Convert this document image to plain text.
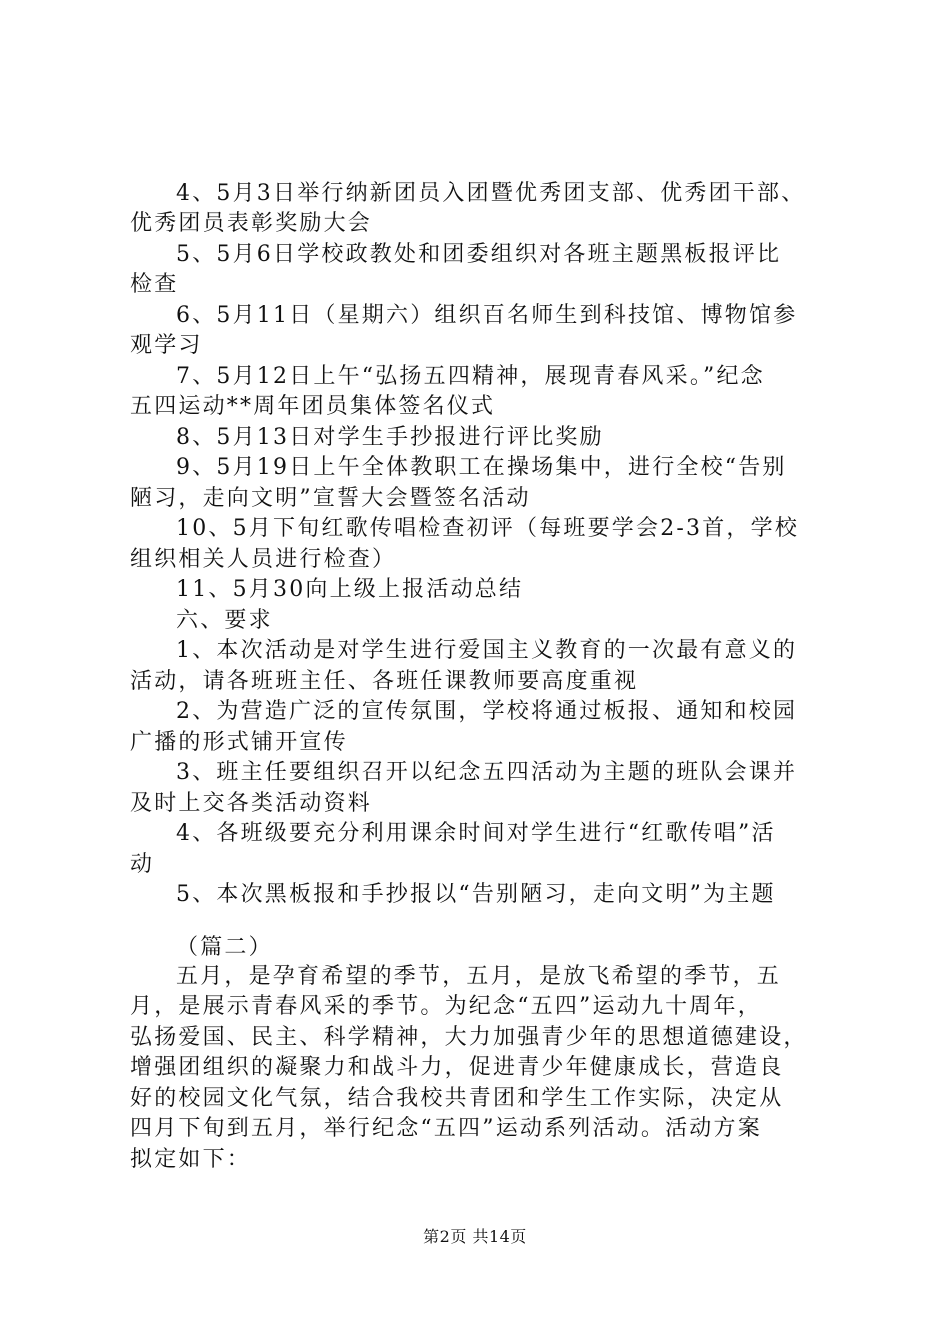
4、5月3日举行纳新团员入团暨优秀团支部、优秀团干部、
优秀团员表彰奖励大会
5、5月6日学校政教处和团委组织对各班主题黑板报评比
检查
6、5月11日（星期六）组织百名师生到科技馆、博物馆参
观学习
7、5月12日上午“弘扬五四精神，展现青春风采。”纪念
五四运动**周年团员集体签名仪式
8、5月13日对学生手抄报进行评比奖励
9、5月19日上午全体教职工在操场集中，进行全校“告别
陋习，走向文明”宣誓大会暨签名活动
10、5月下旬红歌传唱检查初评（每班要学会2-3首，学校
组织相关人员进行检查）
11、5月30向上级上报活动总结
六、要求
1、本次活动是对学生进行爱国主义教育的一次最有意义的
活动，请各班班主任、各班任课教师要高度重视
2、为营造广泛的宣传氛围，学校将通过板报、通知和校园
广播的形式铺开宣传
3、班主任要组织召开以纪念五四活动为主题的班队会课并
及时上交各类活动资料
4、各班级要充分利用课余时间对学生进行“红歌传唱”活
动
5、本次黑板报和手抄报以“告别陋习，走向文明”为主题
（篇二）
五月，是孕育希望的季节，五月，是放飞希望的季节，五
月，是展示青春风采的季节。为纪念“五四”运动九十周年，
弘扬爱国、民主、科学精神，大力加强青少年的思想道德建设，
增强团组织的凝聚力和战斗力，促进青少年健康成长，营造良
好的校园文化气氛，结合我校共青团和学生工作实际，决定从
四月下旬到五月，举行纪念“五四”运动系列活动。活动方案
拟定如下：
第2页 共14页
